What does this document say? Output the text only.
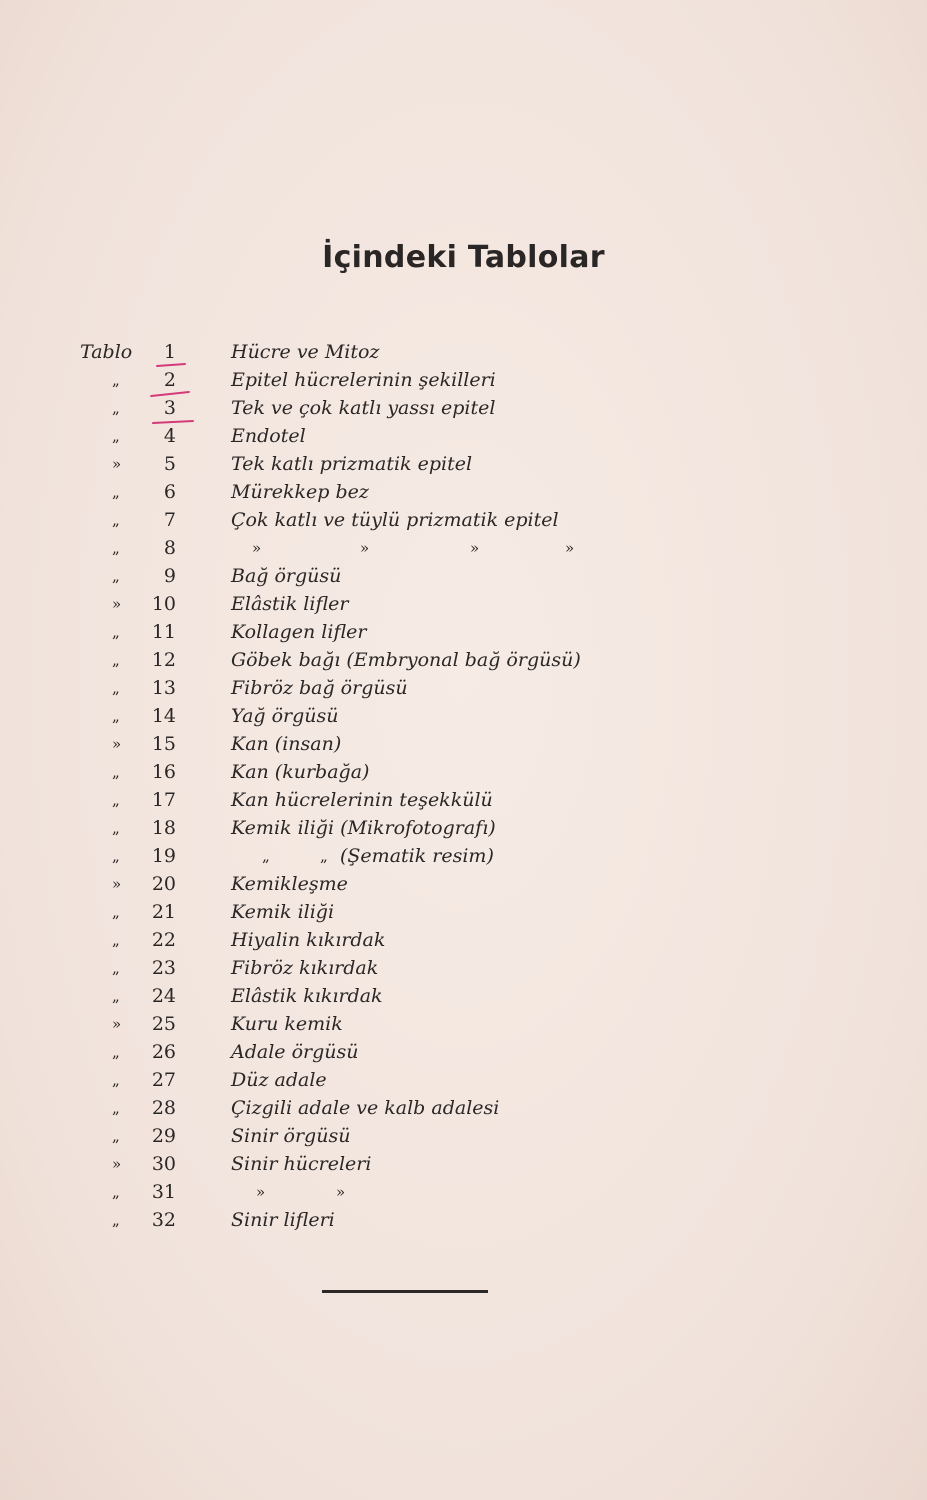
İçindeki Tablolar
Tablo	1	Hücre ve Mitoz
„	2	Epitel hücrelerinin şekilleri
„	3	Tek ve çok katlı yassı epitel
„	4	Endotel
»	5	Tek katlı prizmatik epitel
„	6	Mürekkep bez
„	7	Çok katlı ve tüylü prizmatik epitel
„	8	»	»	»	»
„	9	Bağ örgüsü
»	10	Elâstik lifler
„	11	Kollagen lifler
„	12	Göbek bağı (Embryonal bağ örgüsü)
„	13	Fibröz bağ örgüsü
„	14	Yağ örgüsü
»	15	Kan (insan)
„	16	Kan (kurbağa)
„	17	Kan hücrelerinin teşekkülü
„	18	Kemik iliği (Mikrofotografı)
„	19	„	„ (Şematik resim)
»	20	Kemikleşme
„	21	Kemik iliği
„	22	Hiyalin kıkırdak
„	23	Fibröz kıkırdak
„	24	Elâstik kıkırdak
»	25	Kuru kemik
„	26	Adale örgüsü
„	27	Düz adale
„	28	Çizgili adale ve kalb adalesi
„	29	Sinir örgüsü
»	30	Sinir hücreleri
„	31	»	»
„	32	Sinir lifleri
